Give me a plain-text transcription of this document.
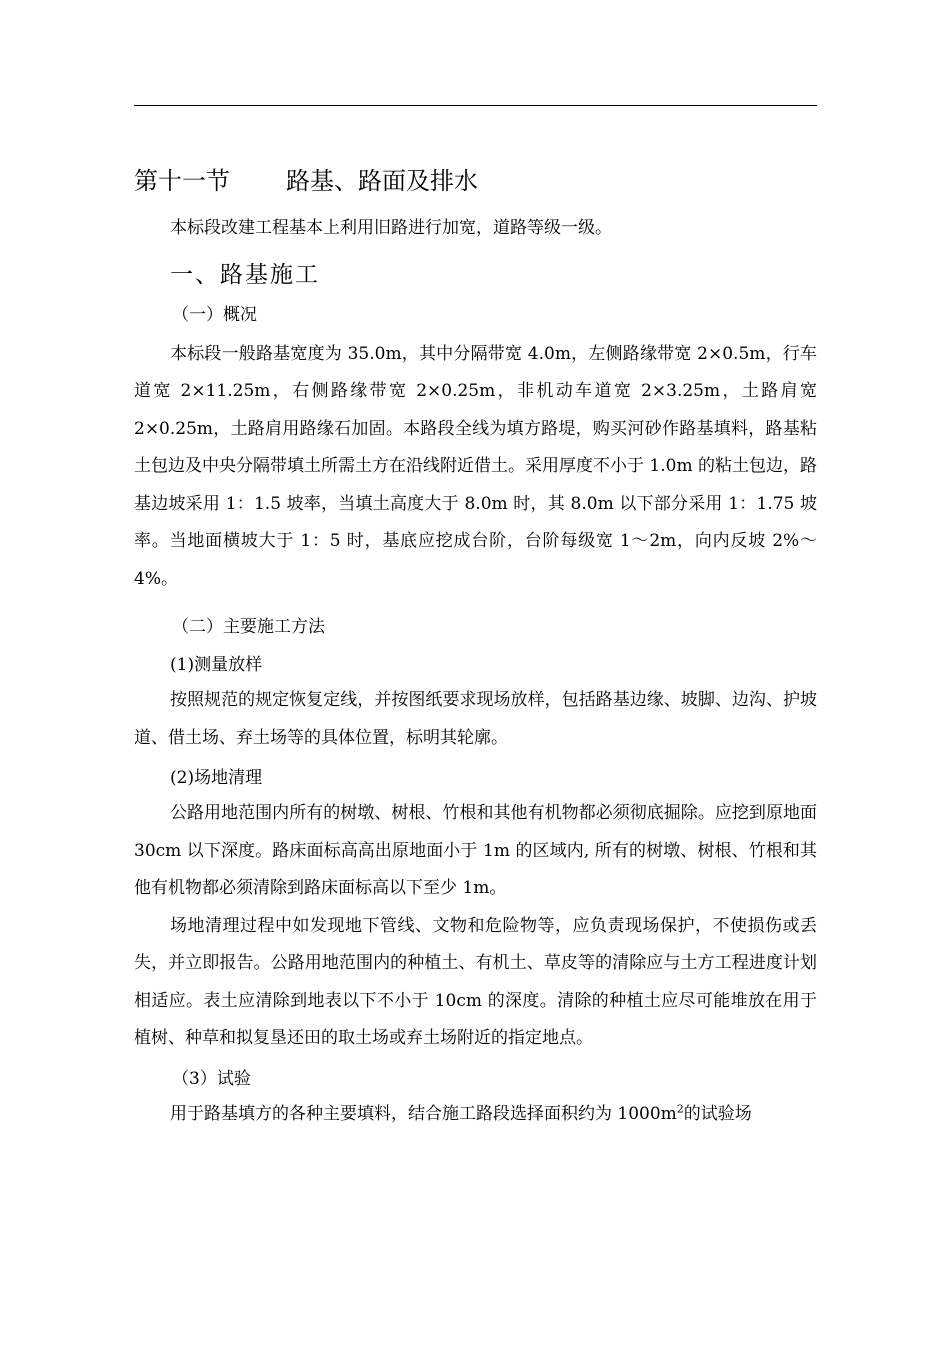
第十一节 路基、路面及排水

本标段改建工程基本上利用旧路进行加宽，道路等级一级。

一、路基施工
（一）概况

本标段一般路基宽度为 35.0m，其中分隔带宽 4.0m，左侧路缘带宽 2×0.5m，行车道宽 2×11.25m，右侧路缘带宽 2×0.25m，非机动车道宽 2×3.25m，土路肩宽 2×0.25m，土路肩用路缘石加固。本路段全线为填方路堤，购买河砂作路基填料，路基粘土包边及中央分隔带填土所需土方在沿线附近借土。采用厚度不小于 1.0m 的粘土包边，路基边坡采用 1：1.5 坡率，当填土高度大于 8.0m 时，其 8.0m 以下部分采用 1：1.75 坡率。当地面横坡大于 1：5 时，基底应挖成台阶，台阶每级宽 1～2m，向内反坡 2%～4%。

（二）主要施工方法
(1)测量放样

按照规范的规定恢复定线，并按图纸要求现场放样，包括路基边缘、坡脚、边沟、护坡道、借土场、弃土场等的具体位置，标明其轮廓。

(2)场地清理

公路用地范围内所有的树墩、树根、竹根和其他有机物都必须彻底掘除。应挖到原地面 30cm 以下深度。路床面标高高出原地面小于 1m 的区域内, 所有的树墩、树根、竹根和其他有机物都必须清除到路床面标高以下至少 1m。

场地清理过程中如发现地下管线、文物和危险物等，应负责现场保护，不使损伤或丢失，并立即报告。公路用地范围内的种植土、有机土、草皮等的清除应与土方工程进度计划相适应。表土应清除到地表以下不小于 10cm 的深度。清除的种植土应尽可能堆放在用于植树、种草和拟复垦还田的取土场或弃土场附近的指定地点。

（3）试验

用于路基填方的各种主要填料，结合施工路段选择面积约为 $1000m^2$的试验场
